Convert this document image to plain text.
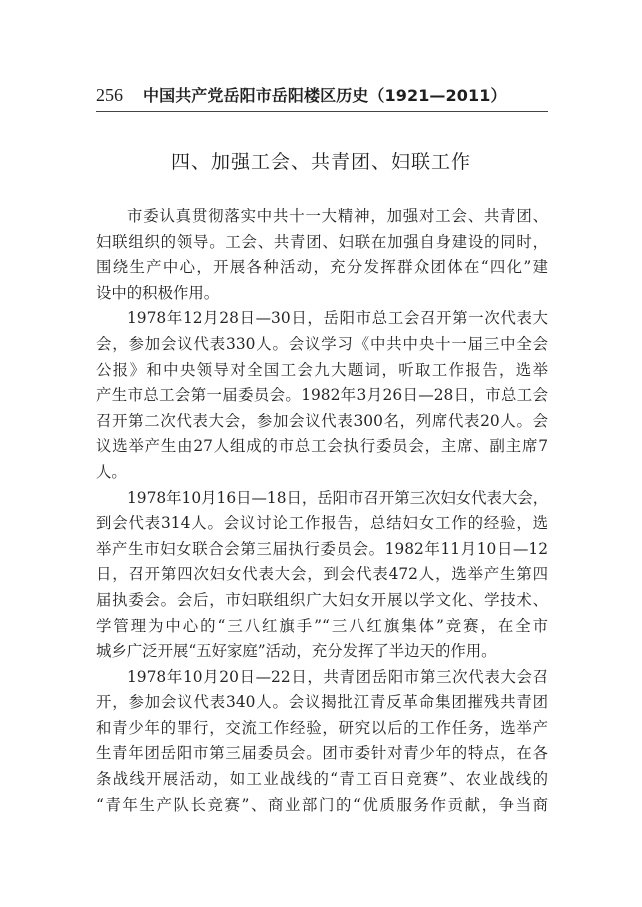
256 中国共产党岳阳市岳阳楼区历史（1921—2011）
四、加强工会、共青团、妇联工作
市委认真贯彻落实中共十一大精神，加强对工会、共青团、
妇联组织的领导。工会、共青团、妇联在加强自身建设的同时，
围绕生产中心，开展各种活动，充分发挥群众团体在“四化”建
设中的积极作用。
1978年12月28日—30日，岳阳市总工会召开第一次代表大
会，参加会议代表330人。会议学习《中共中央十一届三中全会
公报》和中央领导对全国工会九大题词，听取工作报告，选举
产生市总工会第一届委员会。1982年3月26日—28日，市总工会
召开第二次代表大会，参加会议代表300名，列席代表20人。会
议选举产生由27人组成的市总工会执行委员会，主席、副主席7
人。
1978年10月16日—18日，岳阳市召开第三次妇女代表大会，
到会代表314人。会议讨论工作报告，总结妇女工作的经验，选
举产生市妇女联合会第三届执行委员会。1982年11月10日—12
日，召开第四次妇女代表大会，到会代表472人，选举产生第四
届执委会。会后，市妇联组织广大妇女开展以学文化、学技术、
学管理为中心的“三八红旗手”“三八红旗集体”竞赛，在全市
城乡广泛开展“五好家庭”活动，充分发挥了半边天的作用。
1978年10月20日—22日，共青团岳阳市第三次代表大会召
开，参加会议代表340人。会议揭批江青反革命集团摧残共青团
和青少年的罪行，交流工作经验，研究以后的工作任务，选举产
生青年团岳阳市第三届委员会。团市委针对青少年的特点，在各
条战线开展活动，如工业战线的“青工百日竞赛”、农业战线的
“青年生产队长竞赛”、商业部门的“优质服务作贡献，争当商
